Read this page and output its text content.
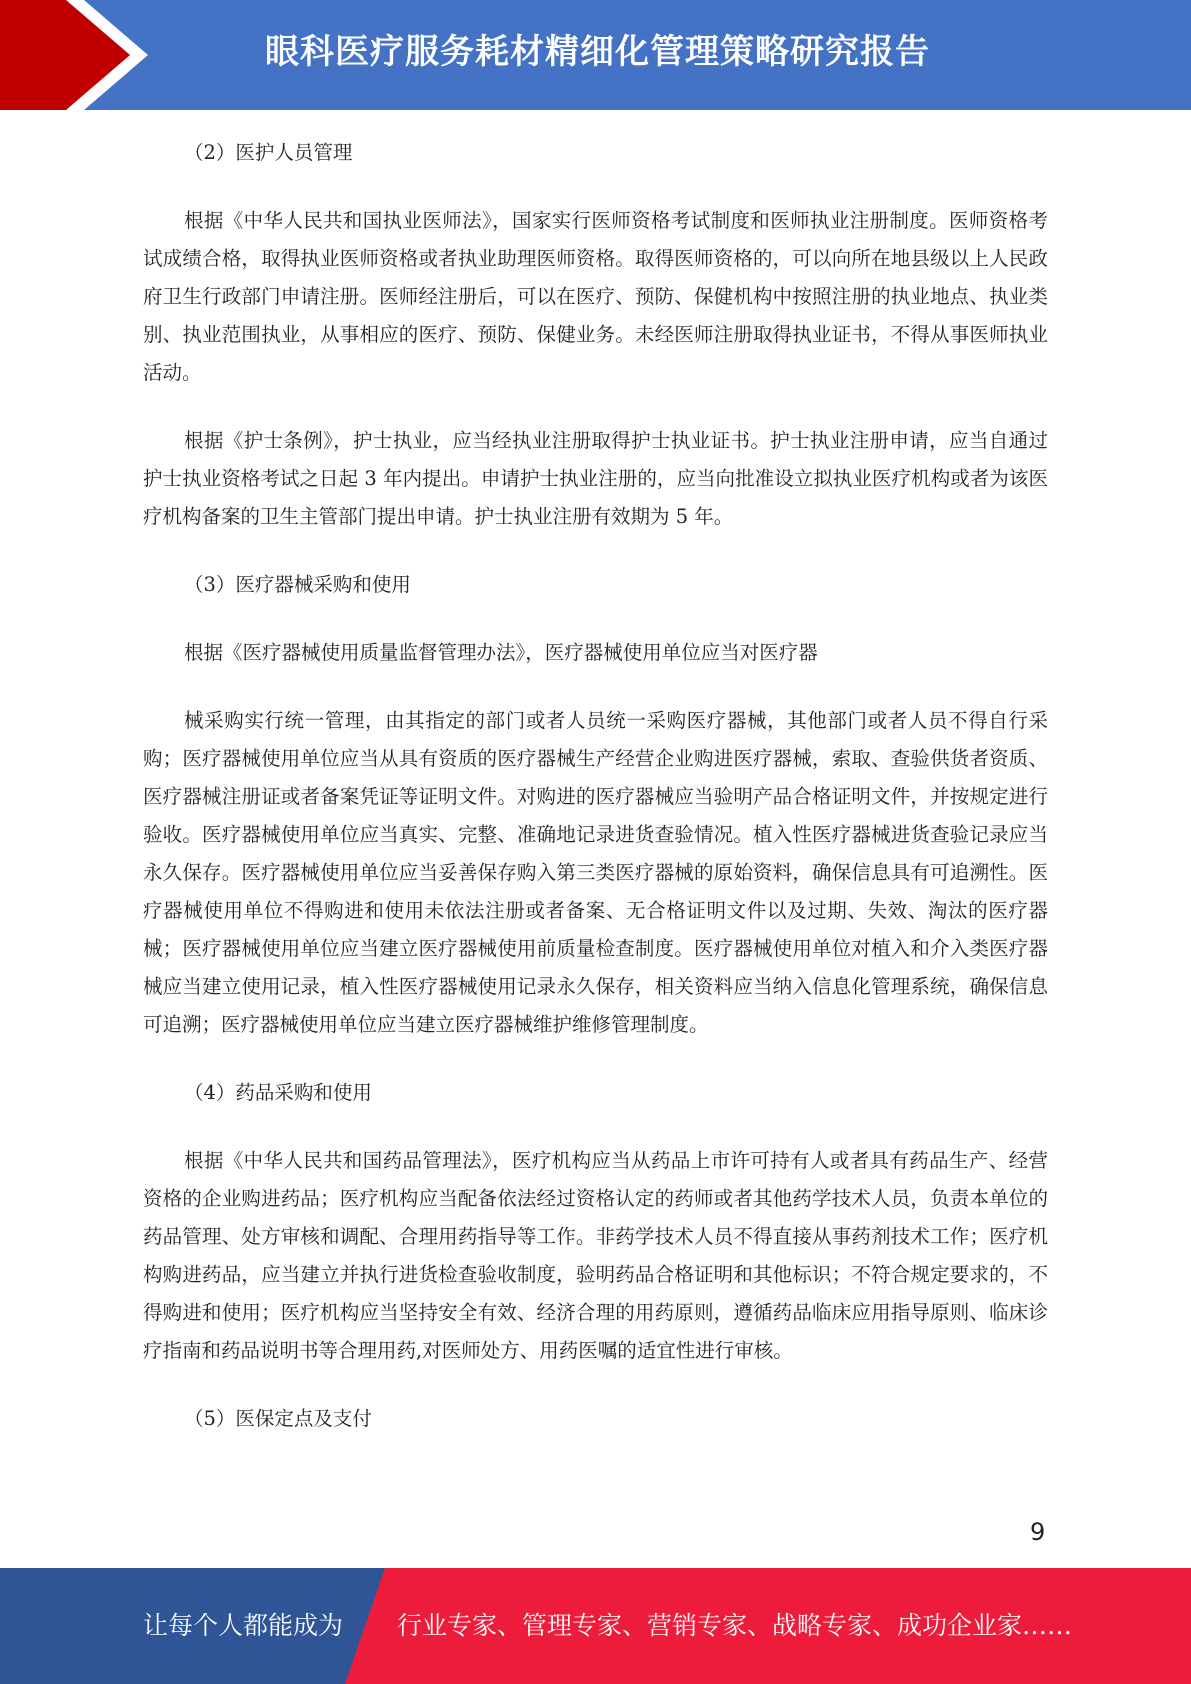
眼科医疗服务耗材精细化管理策略研究报告

（2）医护人员管理

根据《中华人民共和国执业医师法》，国家实行医师资格考试制度和医师执业注册制度。医师资格考试成绩合格，取得执业医师资格或者执业助理医师资格。取得医师资格的，可以向所在地县级以上人民政府卫生行政部门申请注册。医师经注册后，可以在医疗、预防、保健机构中按照注册的执业地点、执业类别、执业范围执业，从事相应的医疗、预防、保健业务。未经医师注册取得执业证书，不得从事医师执业活动。

根据《护士条例》，护士执业，应当经执业注册取得护士执业证书。护士执业注册申请，应当自通过护士执业资格考试之日起 3 年内提出。申请护士执业注册的，应当向批准设立拟执业医疗机构或者为该医疗机构备案的卫生主管部门提出申请。护士执业注册有效期为 5 年。

（3）医疗器械采购和使用

根据《医疗器械使用质量监督管理办法》，医疗器械使用单位应当对医疗器

械采购实行统一管理，由其指定的部门或者人员统一采购医疗器械，其他部门或者人员不得自行采购；医疗器械使用单位应当从具有资质的医疗器械生产经营企业购进医疗器械，索取、查验供货者资质、医疗器械注册证或者备案凭证等证明文件。对购进的医疗器械应当验明产品合格证明文件，并按规定进行验收。医疗器械使用单位应当真实、完整、准确地记录进货查验情况。植入性医疗器械进货查验记录应当永久保存。医疗器械使用单位应当妥善保存购入第三类医疗器械的原始资料，确保信息具有可追溯性。医疗器械使用单位不得购进和使用未依法注册或者备案、无合格证明文件以及过期、失效、淘汰的医疗器械；医疗器械使用单位应当建立医疗器械使用前质量检查制度。医疗器械使用单位对植入和介入类医疗器械应当建立使用记录，植入性医疗器械使用记录永久保存，相关资料应当纳入信息化管理系统，确保信息可追溯；医疗器械使用单位应当建立医疗器械维护维修管理制度。

（4）药品采购和使用

根据《中华人民共和国药品管理法》，医疗机构应当从药品上市许可持有人或者具有药品生产、经营资格的企业购进药品；医疗机构应当配备依法经过资格认定的药师或者其他药学技术人员，负责本单位的药品管理、处方审核和调配、合理用药指导等工作。非药学技术人员不得直接从事药剂技术工作；医疗机构购进药品，应当建立并执行进货检查验收制度，验明药品合格证明和其他标识；不符合规定要求的，不得购进和使用；医疗机构应当坚持安全有效、经济合理的用药原则，遵循药品临床应用指导原则、临床诊疗指南和药品说明书等合理用药,对医师处方、用药医嘱的适宜性进行审核。

（5）医保定点及支付

9
让每个人都能成为 行业专家、管理专家、营销专家、战略专家、成功企业家……
